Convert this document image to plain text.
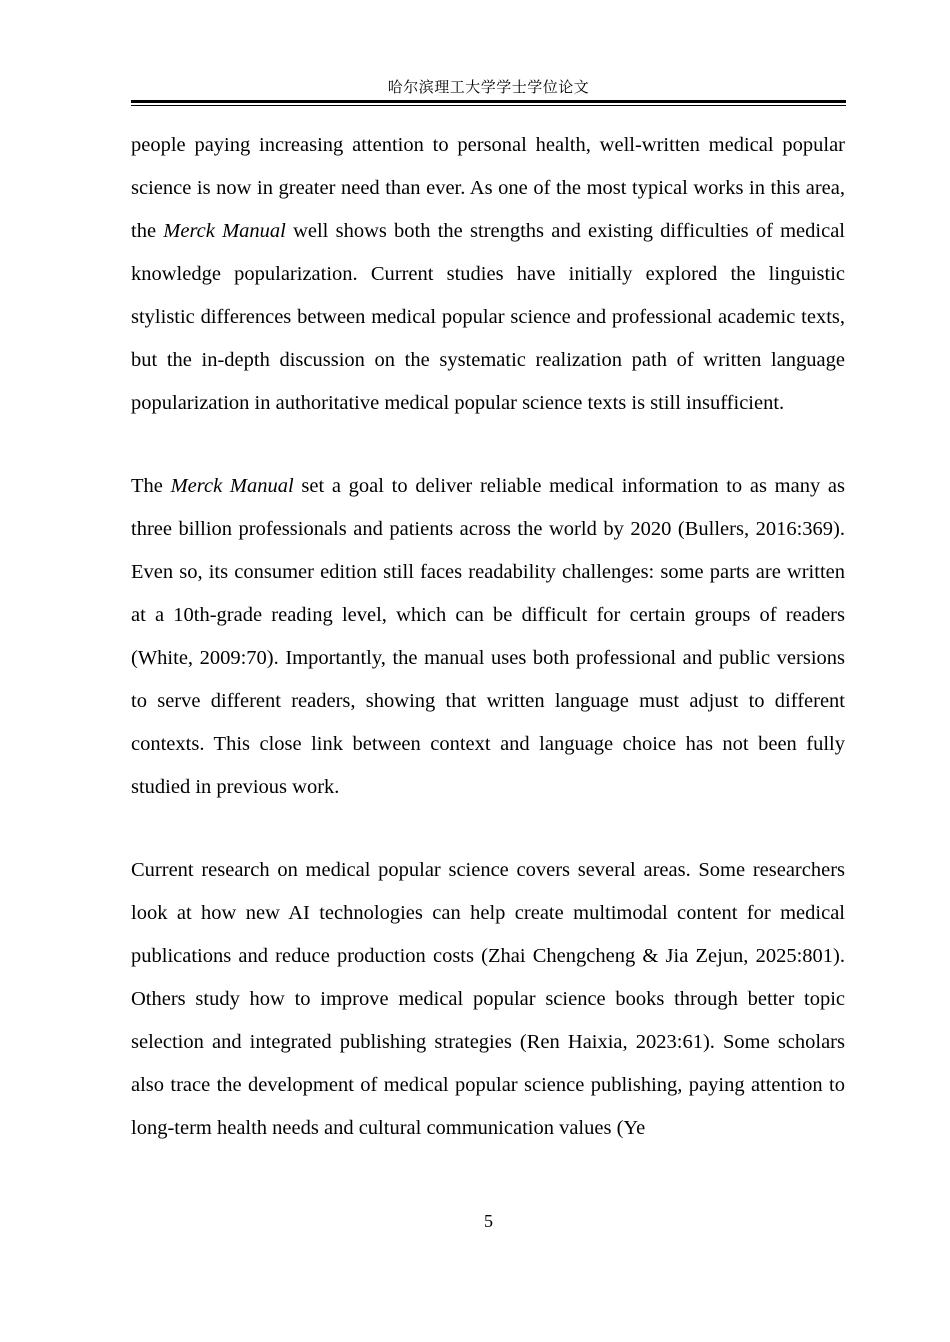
哈尔滨理工大学学士学位论文

people paying increasing attention to personal health, well-written medical popular science is now in greater need than ever. As one of the most typical works in this area, the Merck Manual well shows both the strengths and existing difficulties of medical knowledge popularization. Current studies have initially explored the linguistic stylistic differences between medical popular science and professional academic texts, but the in-depth discussion on the systematic realization path of written language popularization in authoritative medical popular science texts is still insufficient.

The Merck Manual set a goal to deliver reliable medical information to as many as three billion professionals and patients across the world by 2020 (Bullers, 2016:369). Even so, its consumer edition still faces readability challenges: some parts are written at a 10th-grade reading level, which can be difficult for certain groups of readers (White, 2009:70). Importantly, the manual uses both professional and public versions to serve different readers, showing that written language must adjust to different contexts. This close link between context and language choice has not been fully studied in previous work.

Current research on medical popular science covers several areas. Some researchers look at how new AI technologies can help create multimodal content for medical publications and reduce production costs (Zhai Chengcheng & Jia Zejun, 2025:801). Others study how to improve medical popular science books through better topic selection and integrated publishing strategies (Ren Haixia, 2023:61). Some scholars also trace the development of medical popular science publishing, paying attention to long-term health needs and cultural communication values (Ye

5
